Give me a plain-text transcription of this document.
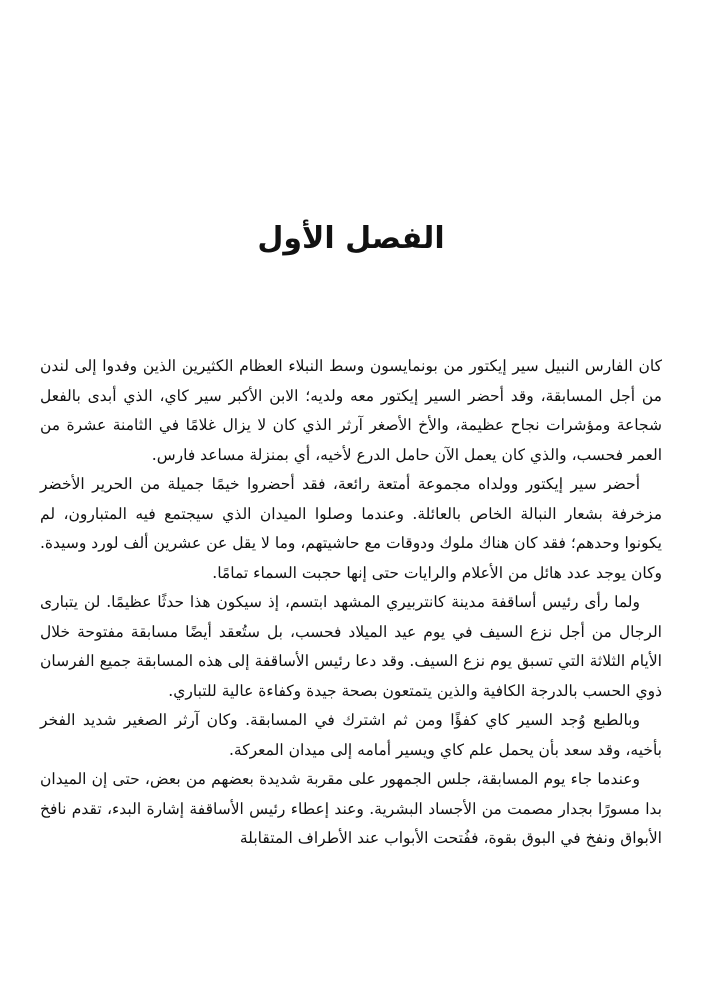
الفصل الأول

كان الفارس النبيل سير إيكتور من بونمايسون وسط النبلاء العظام الكثيرين الذين وفدوا إلى لندن من أجل المسابقة، وقد أحضر السير إيكتور معه ولديه؛ الابن الأكبر سير كاي، الذي أبدى بالفعل شجاعة ومؤشرات نجاح عظيمة، والأخ الأصغر آرثر الذي كان لا يزال غلامًا في الثامنة عشرة من العمر فحسب، والذي كان يعمل الآن حامل الدرع لأخيه، أي بمنزلة مساعد فارس.

أحضر سير إيكتور وولداه مجموعة أمتعة رائعة، فقد أحضروا خيمًا جميلة من الحرير الأخضر مزخرفة بشعار النبالة الخاص بالعائلة. وعندما وصلوا الميدان الذي سيجتمع فيه المتبارون، لم يكونوا وحدهم؛ فقد كان هناك ملوك ودوقات مع حاشيتهم، وما لا يقل عن عشرين ألف لورد وسيدة. وكان يوجد عدد هائل من الأعلام والرايات حتى إنها حجبت السماء تمامًا.

ولما رأى رئيس أساقفة مدينة كانتربيري المشهد ابتسم، إذ سيكون هذا حدثًا عظيمًا. لن يتبارى الرجال من أجل نزع السيف في يوم عيد الميلاد فحسب، بل ستُعقد أيضًا مسابقة مفتوحة خلال الأيام الثلاثة التي تسبق يوم نزع السيف. وقد دعا رئيس الأساقفة إلى هذه المسابقة جميع الفرسان ذوي الحسب بالدرجة الكافية والذين يتمتعون بصحة جيدة وكفاءة عالية للتباري.

وبالطبع وُجد السير كاي كفؤًا ومن ثم اشترك في المسابقة. وكان آرثر الصغير شديد الفخر بأخيه، وقد سعد بأن يحمل علم كاي ويسير أمامه إلى ميدان المعركة.

وعندما جاء يوم المسابقة، جلس الجمهور على مقربة شديدة بعضهم من بعض، حتى إن الميدان بدا مسورًا بجدار مصمت من الأجساد البشرية. وعند إعطاء رئيس الأساقفة إشارة البدء، تقدم نافخ الأبواق ونفخ في البوق بقوة، ففُتحت الأبواب عند الأطراف المتقابلة
